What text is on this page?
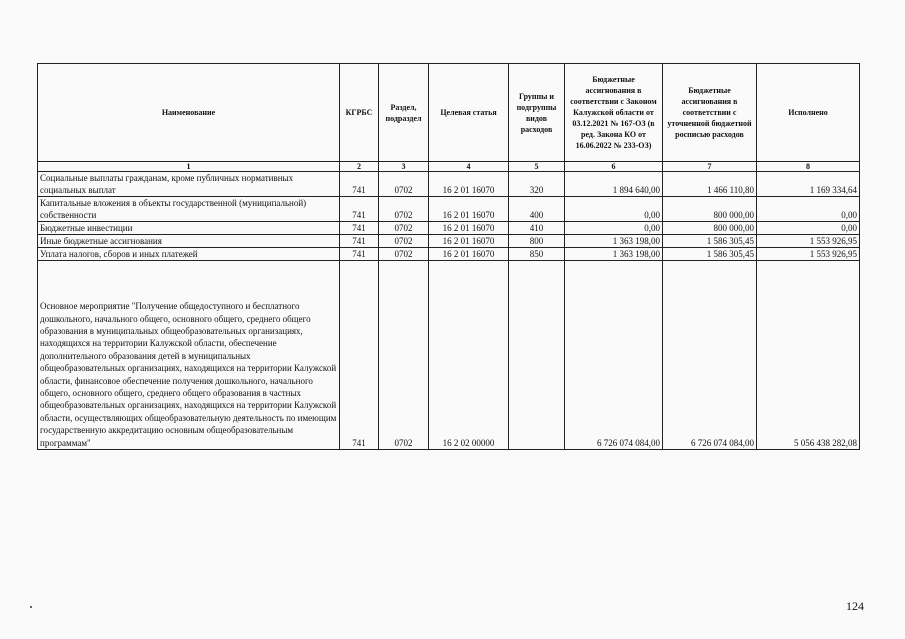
Наименование	КГРБС	Раздел, подраздел	Целевая статья	Группы и подгруппы видов расходов	Бюджетные ассигнования в соответствии с Законом Калужской области от 03.12.2021 № 167-ОЗ (в ред. Закона КО от 16.06.2022 № 233-ОЗ)	Бюджетные ассигнования в соответствии с уточненной бюджетной росписью расходов	Исполнено
1	2	3	4	5	6	7	8
Социальные выплаты гражданам, кроме публичных нормативных социальных выплат	741	0702	16 2 01 16070	320	1 894 640,00	1 466 110,80	1 169 334,64
Капитальные вложения в объекты государственной (муниципальной) собственности	741	0702	16 2 01 16070	400	0,00	800 000,00	0,00
Бюджетные инвестиции	741	0702	16 2 01 16070	410	0,00	800 000,00	0,00
Иные бюджетные ассигнования	741	0702	16 2 01 16070	800	1 363 198,00	1 586 305,45	1 553 926,95
Уплата налогов, сборов и иных платежей	741	0702	16 2 01 16070	850	1 363 198,00	1 586 305,45	1 553 926,95
Основное мероприятие "Получение общедоступного и бесплатного дошкольного, начального общего, основного общего, среднего общего образования в муниципальных общеобразовательных организациях, находящихся на территории Калужской области, обеспечение дополнительного образования детей в муниципальных общеобразовательных организациях, находящихся на территории Калужской области, финансовое обеспечение получения дошкольного, начального общего, основного общего, среднего общего образования в частных общеобразовательных организациях, находящихся на территории Калужской области, осуществляющих общеобразовательную деятельность по имеющим государственную аккредитацию основным общеобразовательным программам"	741	0702	16 2 02 00000		6 726 074 084,00	6 726 074 084,00	5 056 438 282,08
124
